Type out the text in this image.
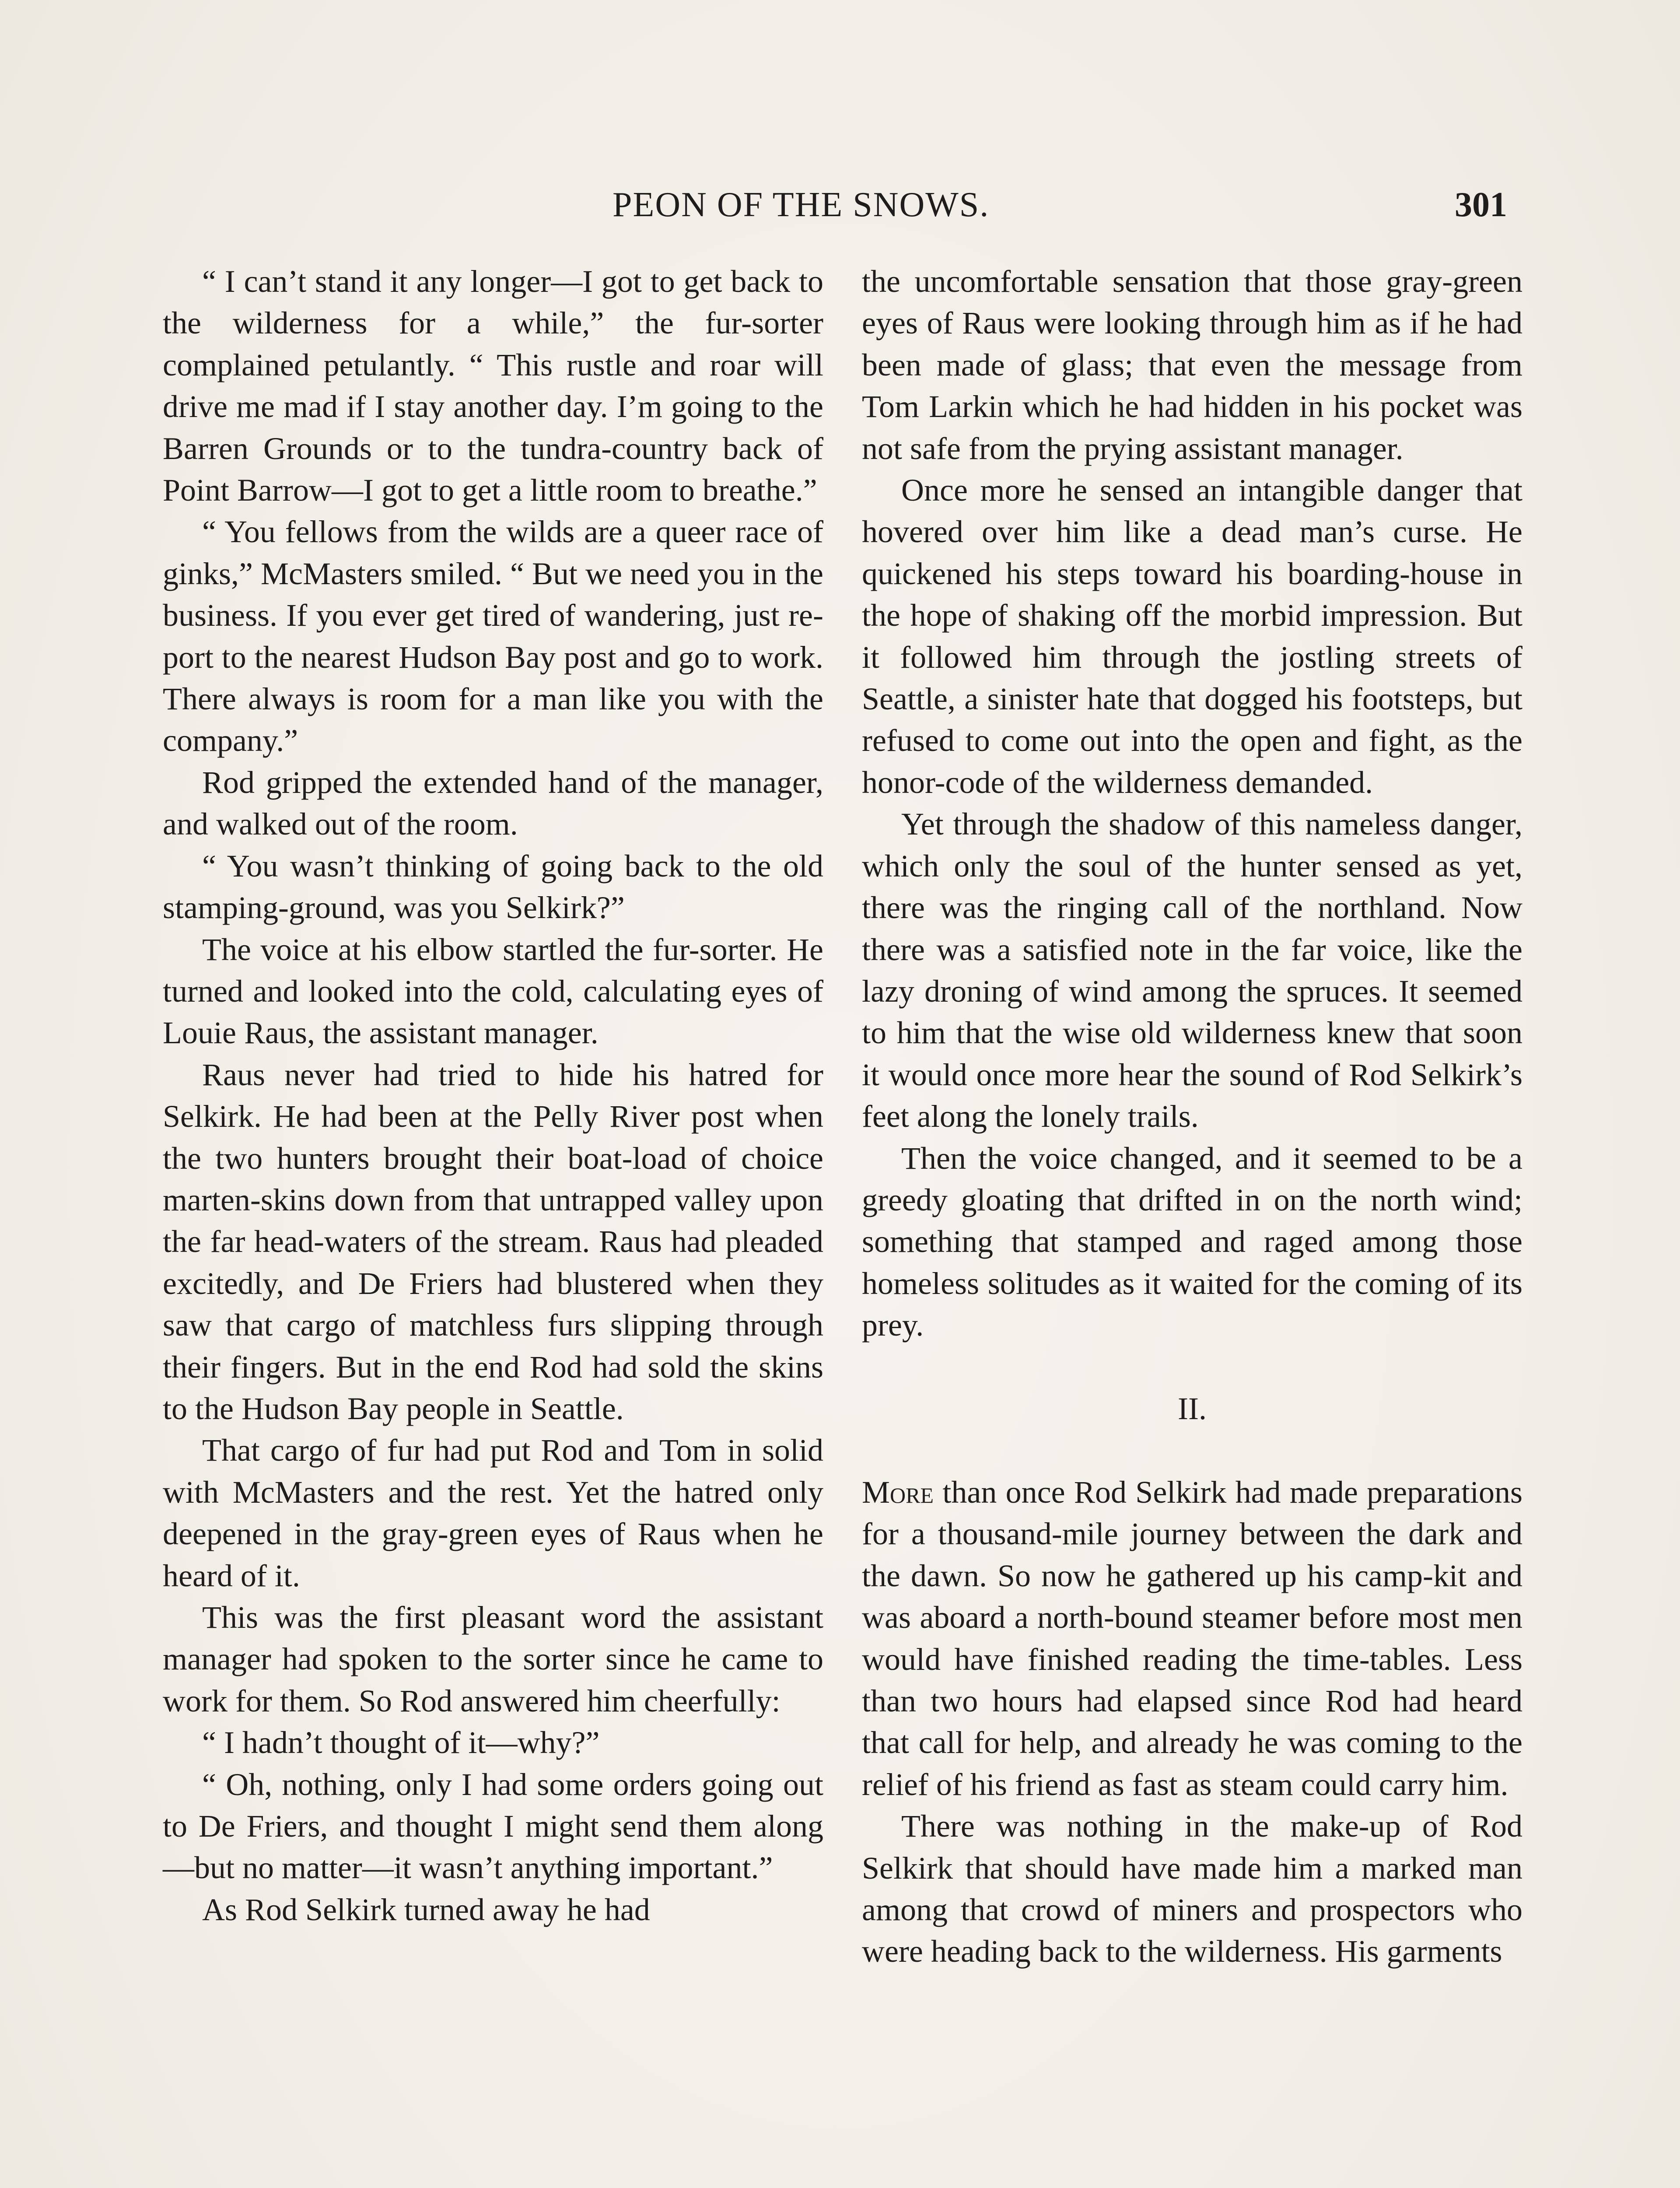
PEON OF THE SNOWS.	301

“ I can’t stand it any longer—I got to get back to the wilderness for a while,” the fur-sorter complained petulantly. “ This rustle and roar will drive me mad if I stay another day. I’m going to the Barren Grounds or to the tundra-country back of Point Barrow—I got to get a little room to breathe.”

“ You fellows from the wilds are a queer race of ginks,” McMasters smiled. “ But we need you in the business. If you ever get tired of wandering, just report to the nearest Hudson Bay post and go to work. There always is room for a man like you with the company.”

Rod gripped the extended hand of the manager, and walked out of the room.

“ You wasn’t thinking of going back to the old stamping-ground, was you Selkirk?”

The voice at his elbow startled the fur-sorter. He turned and looked into the cold, calculating eyes of Louie Raus, the assistant manager.

Raus never had tried to hide his hatred for Selkirk. He had been at the Pelly River post when the two hunters brought their boat-load of choice marten-skins down from that untrapped valley upon the far head-waters of the stream. Raus had pleaded excitedly, and De Friers had blustered when they saw that cargo of matchless furs slipping through their fingers. But in the end Rod had sold the skins to the Hudson Bay people in Seattle.

That cargo of fur had put Rod and Tom in solid with McMasters and the rest. Yet the hatred only deepened in the gray-green eyes of Raus when he heard of it.

This was the first pleasant word the assistant manager had spoken to the sorter since he came to work for them. So Rod answered him cheerfully:

“ I hadn’t thought of it—why?”

“ Oh, nothing, only I had some orders going out to De Friers, and thought I might send them along—but no matter—it wasn’t anything important.”

As Rod Selkirk turned away he had

the uncomfortable sensation that those gray-green eyes of Raus were looking through him as if he had been made of glass; that even the message from Tom Larkin which he had hidden in his pocket was not safe from the prying assistant manager.

Once more he sensed an intangible danger that hovered over him like a dead man’s curse. He quickened his steps toward his boarding-house in the hope of shaking off the morbid impression. But it followed him through the jostling streets of Seattle, a sinister hate that dogged his footsteps, but refused to come out into the open and fight, as the honor-code of the wilderness demanded.

Yet through the shadow of this nameless danger, which only the soul of the hunter sensed as yet, there was the ringing call of the northland. Now there was a satisfied note in the far voice, like the lazy droning of wind among the spruces. It seemed to him that the wise old wilderness knew that soon it would once more hear the sound of Rod Selkirk’s feet along the lonely trails.

Then the voice changed, and it seemed to be a greedy gloating that drifted in on the north wind; something that stamped and raged among those homeless solitudes as it waited for the coming of its prey.

II.

More than once Rod Selkirk had made preparations for a thousand-mile journey between the dark and the dawn. So now he gathered up his camp-kit and was aboard a north-bound steamer before most men would have finished reading the time-tables. Less than two hours had elapsed since Rod had heard that call for help, and already he was coming to the relief of his friend as fast as steam could carry him.

There was nothing in the make-up of Rod Selkirk that should have made him a marked man among that crowd of miners and prospectors who were heading back to the wilderness. His garments
